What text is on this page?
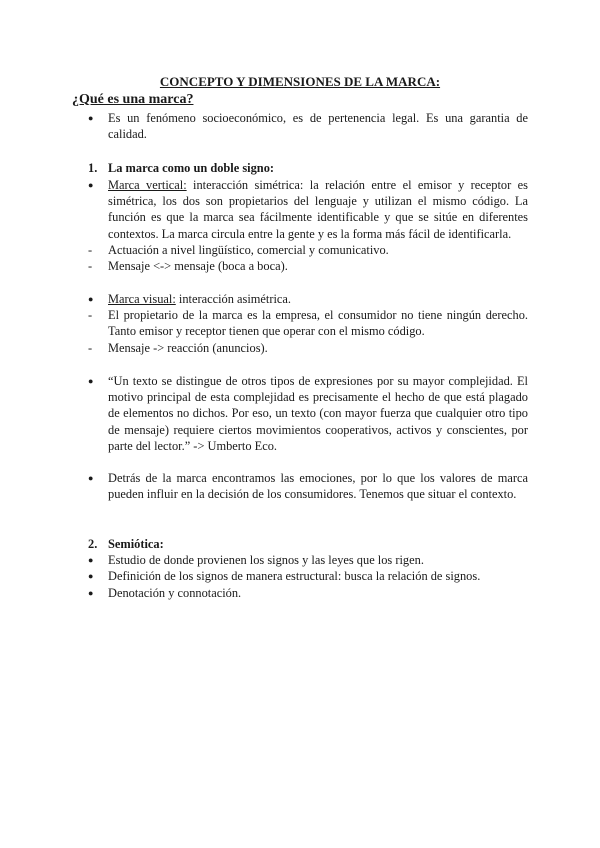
CONCEPTO Y DIMENSIONES DE LA MARCA:
¿Qué es una marca?
●
Es un fenómeno socioeconómico, es de pertenencia legal. Es una garantia de calidad.
1. La marca como un doble signo:
●
Marca vertical: interacción simétrica: la relación entre el emisor y receptor es simétrica, los dos son propietarios del lenguaje y utilizan el mismo código. La función es que la marca sea fácilmente identificable y que se sitúe en diferentes contextos. La marca circula entre la gente y es la forma más fácil de identificarla.
-
Actuación a nivel lingüístico, comercial y comunicativo.
-
Mensaje <-> mensaje (boca a boca).
●
Marca visual: interacción asimétrica.
-
El propietario de la marca es la empresa, el consumidor no tiene ningún derecho. Tanto emisor y receptor tienen que operar con el mismo código.
-
Mensaje -> reacción (anuncios).
●
“Un texto se distingue de otros tipos de expresiones por su mayor complejidad. El motivo principal de esta complejidad es precisamente el hecho de que está plagado de elementos no dichos. Por eso, un texto (con mayor fuerza que cualquier otro tipo de mensaje) requiere ciertos movimientos cooperativos, activos y conscientes, por parte del lector.” -> Umberto Eco.
●
Detrás de la marca encontramos las emociones, por lo que los valores de marca pueden influir en la decisión de los consumidores. Tenemos que situar el contexto.
2. Semiótica:
●
Estudio de donde provienen los signos y las leyes que los rigen.
●
Definición de los signos de manera estructural: busca la relación de signos.
●
Denotación y connotación.
